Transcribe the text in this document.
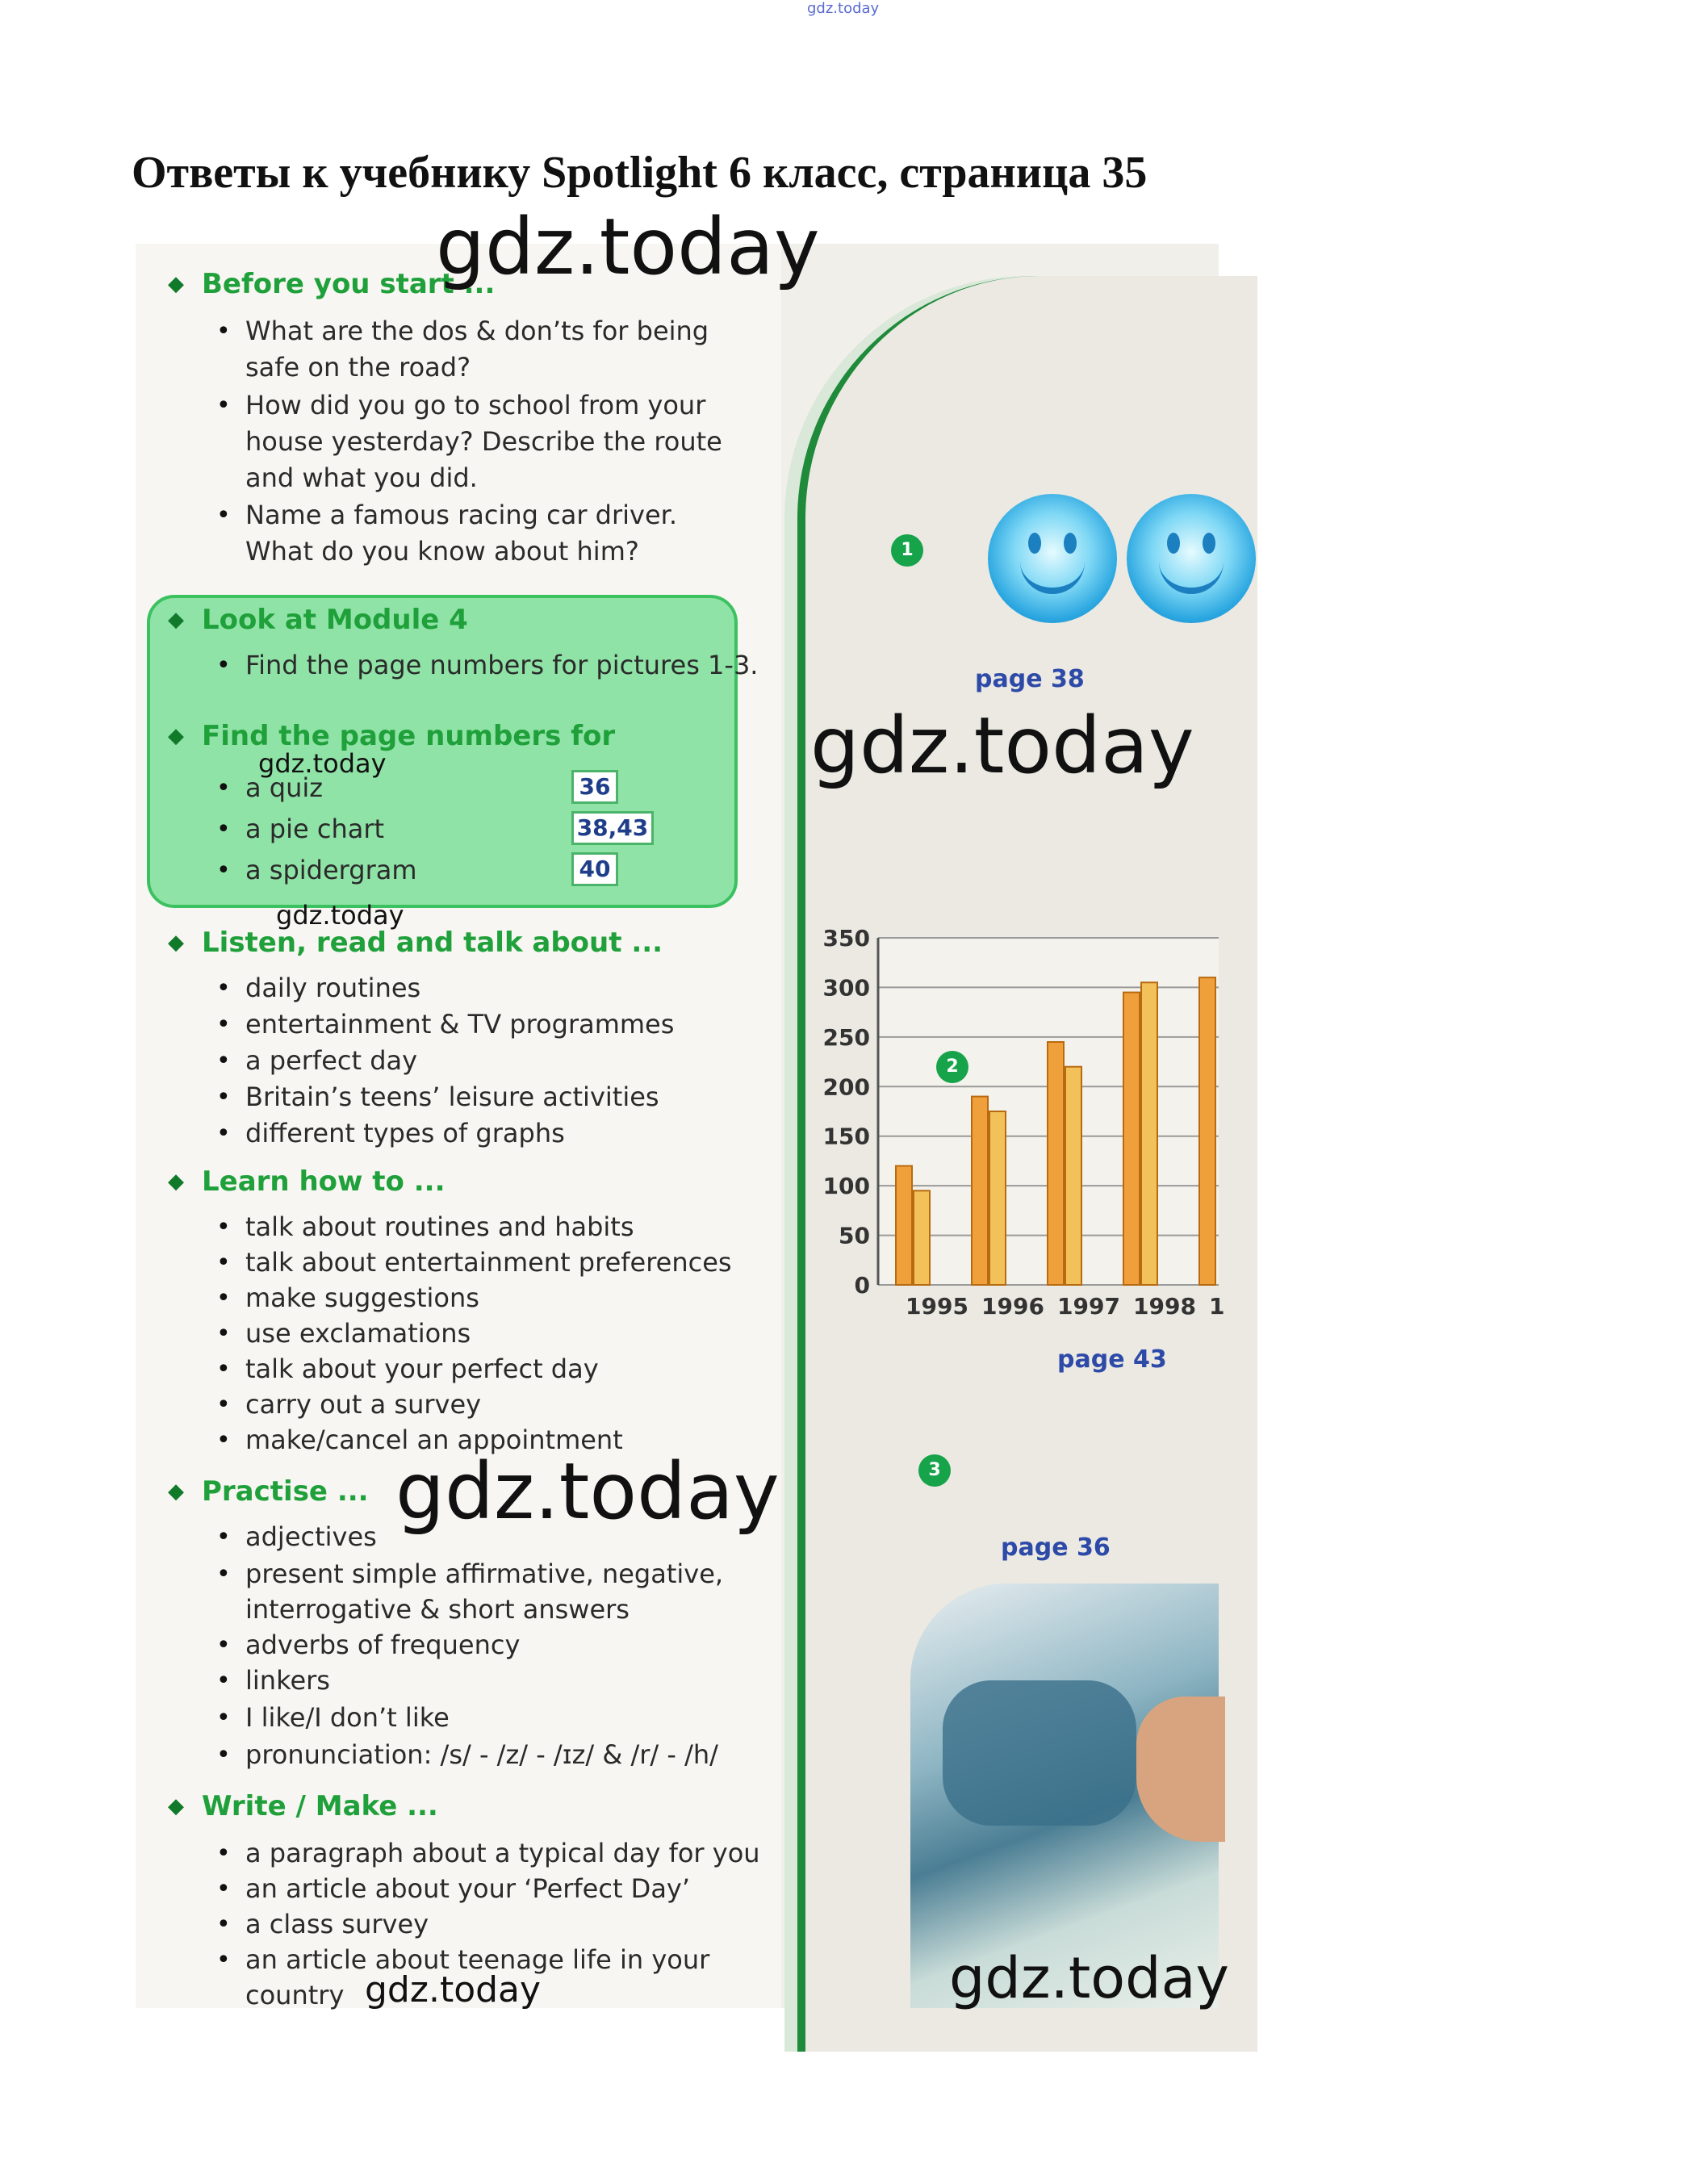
gdz.today
Ответы к учебнику Spotlight 6 класс, страница 35
◆ Before you start ...
• What are the dos & don’ts for being
safe on the road?
• How did you go to school from your
house yesterday? Describe the route
and what you did.
• Name a famous racing car driver.
What do you know about him?
◆ Look at Module 4
• Find the page numbers for pictures 1-3.
◆ Find the page numbers for
• a quiz	36
• a pie chart	38,43
• a spidergram	40
◆ Listen, read and talk about ...
• daily routines
• entertainment & TV programmes
• a perfect day
• Britain’s teens’ leisure activities
• different types of graphs
◆ Learn how to ...
• talk about routines and habits
• talk about entertainment preferences
• make suggestions
• use exclamations
• talk about your perfect day
• carry out a survey
• make/cancel an appointment
◆ Practise ...
• adjectives
• present simple affirmative, negative,
interrogative & short answers
• adverbs of frequency
• linkers
• I like/I don’t like
• pronunciation: /s/ - /z/ - /ɪz/ & /r/ - /h/
◆ Write / Make ...
• a paragraph about a typical day for you
• an article about your ‘Perfect Day’
• a class survey
• an article about teenage life in your
country
1
page 38
0
50
100
150
200
250
300
350
1995 1996 1997 1998 1
2
page 43
3
page 36
gdz.today
gdz.today
gdz.today
gdz.today
gdz.today
gdz.today	gdz.today
